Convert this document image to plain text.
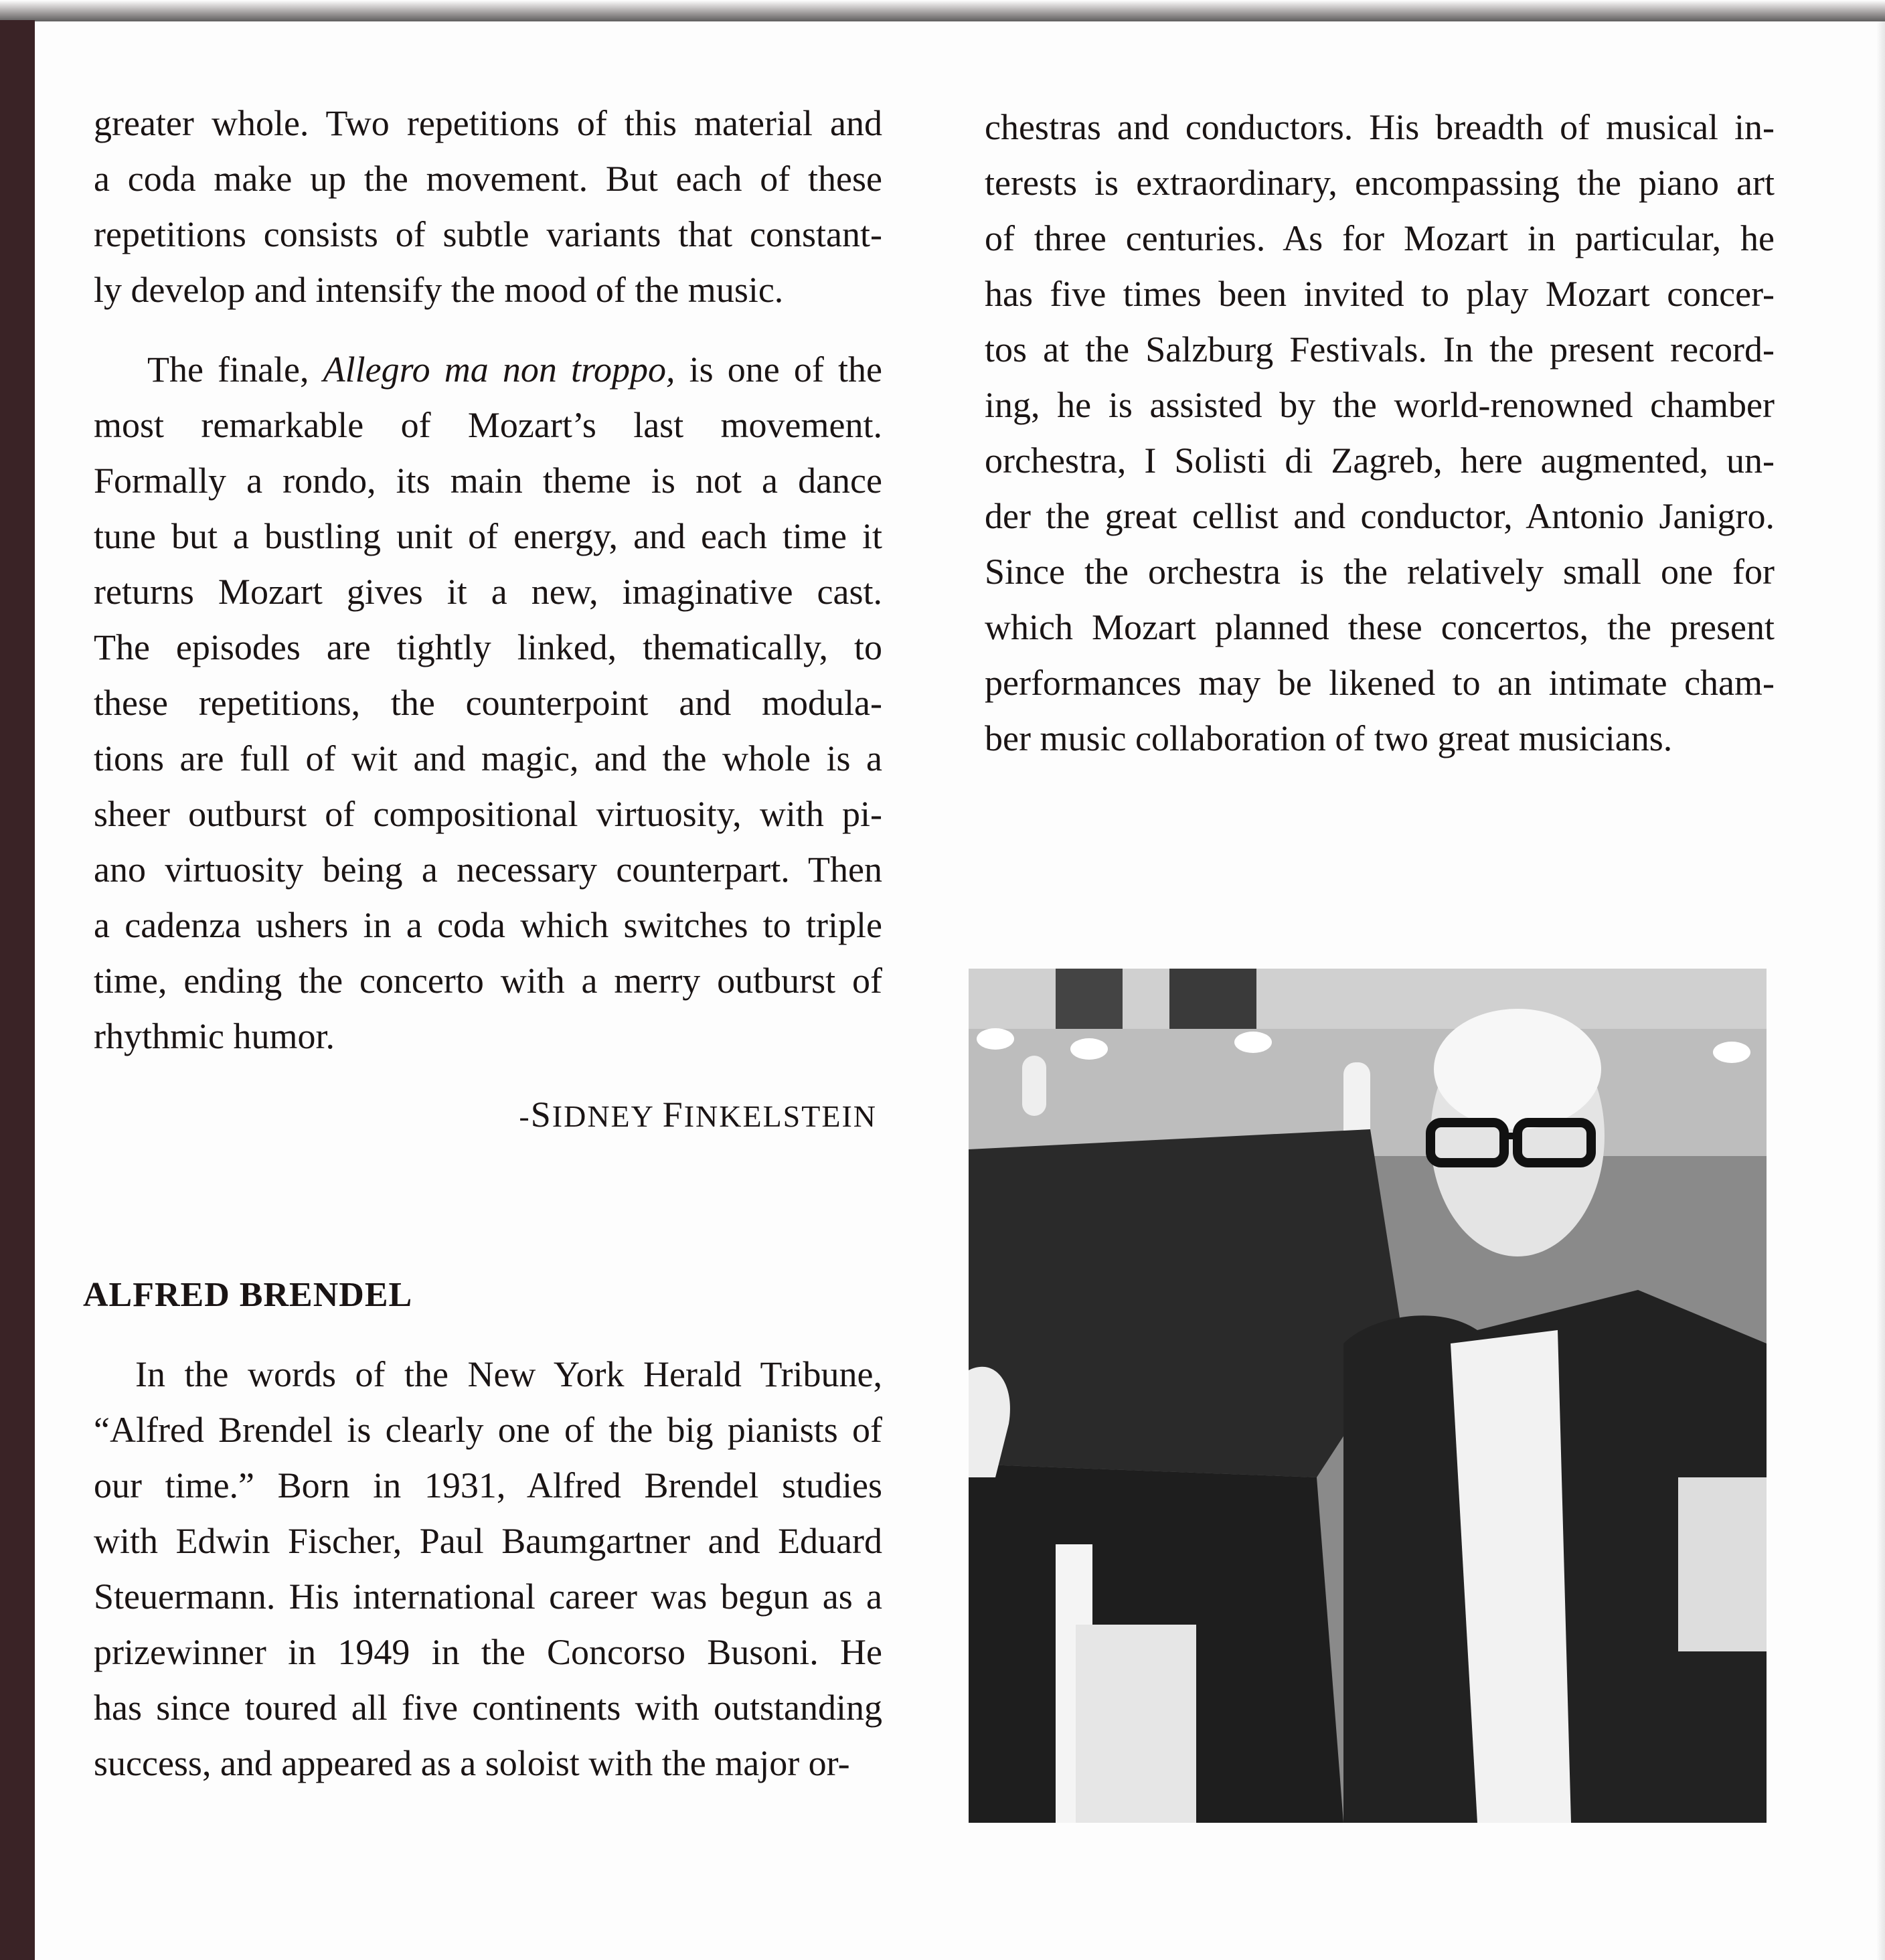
greater whole. Two repetitions of this material and
a coda make up the movement. But each of these
repetitions consists of subtle variants that constant-
ly develop and intensify the mood of the music.
The finale, Allegro ma non troppo, is one of the
most remarkable of Mozart’s last movement.
Formally a rondo, its main theme is not a dance
tune but a bustling unit of energy, and each time it
returns Mozart gives it a new, imaginative cast.
The episodes are tightly linked, thematically, to
these repetitions, the counterpoint and modula-
tions are full of wit and magic, and the whole is a
sheer outburst of compositional virtuosity, with pi-
ano virtuosity being a necessary counterpart. Then
a cadenza ushers in a coda which switches to triple
time, ending the concerto with a merry outburst of
rhythmic humor.
-SIDNEY FINKELSTEIN
ALFRED BRENDEL
In the words of the New York Herald Tribune,
“Alfred Brendel is clearly one of the big pianists of
our time.” Born in 1931, Alfred Brendel studies
with Edwin Fischer, Paul Baumgartner and Eduard
Steuermann. His international career was begun as a
prizewinner in 1949 in the Concorso Busoni. He
has since toured all five continents with outstanding
success, and appeared as a soloist with the major or-
chestras and conductors. His breadth of musical in-
terests is extraordinary, encompassing the piano art
of three centuries. As for Mozart in particular, he
has five times been invited to play Mozart concer-
tos at the Salzburg Festivals. In the present record-
ing, he is assisted by the world-renowned chamber
orchestra, I Solisti di Zagreb, here augmented, un-
der the great cellist and conductor, Antonio Janigro.
Since the orchestra is the relatively small one for
which Mozart planned these concertos, the present
performances may be likened to an intimate cham-
ber music collaboration of two great musicians.
